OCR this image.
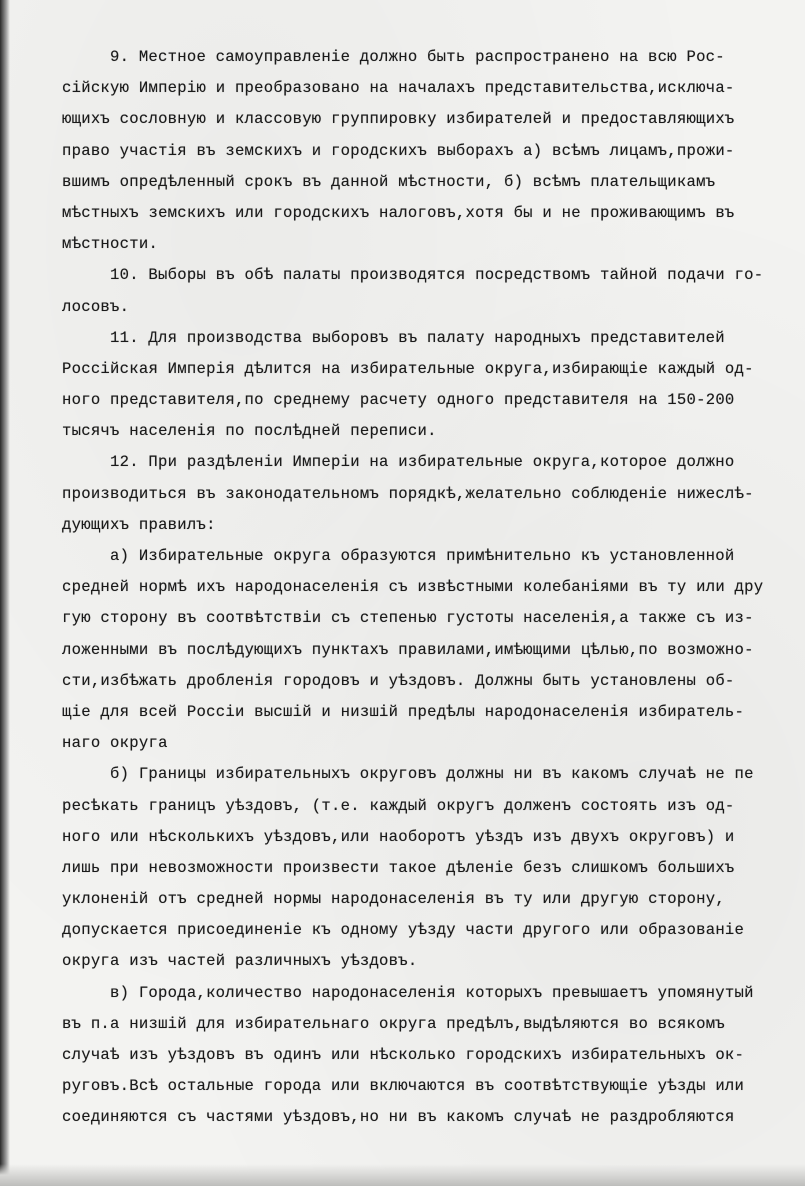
9. Местное самоуправленіе должно быть распространено на всю Рос-
сійскую Имперію и преобразовано на началахъ представительства,исключа-
ющихъ сословную и классовую группировку избирателей и предоставляющихъ
право участія въ земскихъ и городскихъ выборахъ а) всѣмъ лицамъ,прожи-
вшимъ опредѣленный срокъ въ данной мѣстности, б) всѣмъ плательщикамъ
мѣстныхъ земскихъ или городскихъ налоговъ,хотя бы и не проживающимъ въ
мѣстности.
10. Выборы въ обѣ палаты производятся посредствомъ тайной подачи го-
лосовъ.
11. Для производства выборовъ въ палату народныхъ представителей
Россійская Имперія дѣлится на избирательные округа,избирающіе каждый од-
ного представителя,по среднему расчету одного представителя на 150-200
тысячъ населенія по послѣдней переписи.
12. При раздѣленіи Имперіи на избирательные округа,которое должно
производиться въ законодательномъ порядкѣ,желательно соблюденіе нижеслѣ-
дующихъ правилъ:
а) Избирательные округа образуются примѣнительно къ установленной
средней нормѣ ихъ народонаселенія съ извѣстными колебаніями въ ту или дру
гую сторону въ соотвѣтствіи съ степенью густоты населенія,а также съ из-
ложенными въ послѣдующихъ пунктахъ правилами,имѣющими цѣлью,по возможно-
сти,избѣжать дробленія городовъ и уѣздовъ. Должны быть установлены об-
щіе для всей Россіи высшій и низшій предѣлы народонаселенія избиратель-
наго округа
б) Границы избирательныхъ округовъ должны ни въ какомъ случаѣ не пе
ресѣкать границъ уѣздовъ, (т.е. каждый округъ долженъ состоять изъ од-
ного или нѣсколькихъ уѣздовъ,или наоборотъ уѣздъ изъ двухъ округовъ) и
лишь при невозможности произвести такое дѣленіе безъ слишкомъ большихъ
уклоненій отъ средней нормы народонаселенія въ ту или другую сторону,
допускается присоединеніе къ одному уѣзду части другого или образованіе
округа изъ частей различныхъ уѣздовъ.
в) Города,количество народонаселенія которыхъ превышаетъ упомянутый
въ п.а низшій для избирательнаго округа предѣлъ,выдѣляются во всякомъ
случаѣ изъ уѣздовъ въ одинъ или нѣсколько городскихъ избирательныхъ ок-
руговъ.Всѣ остальные города или включаются въ соотвѣтствующіе уѣзды или
соединяются съ частями уѣздовъ,но ни въ какомъ случаѣ не раздробляются
